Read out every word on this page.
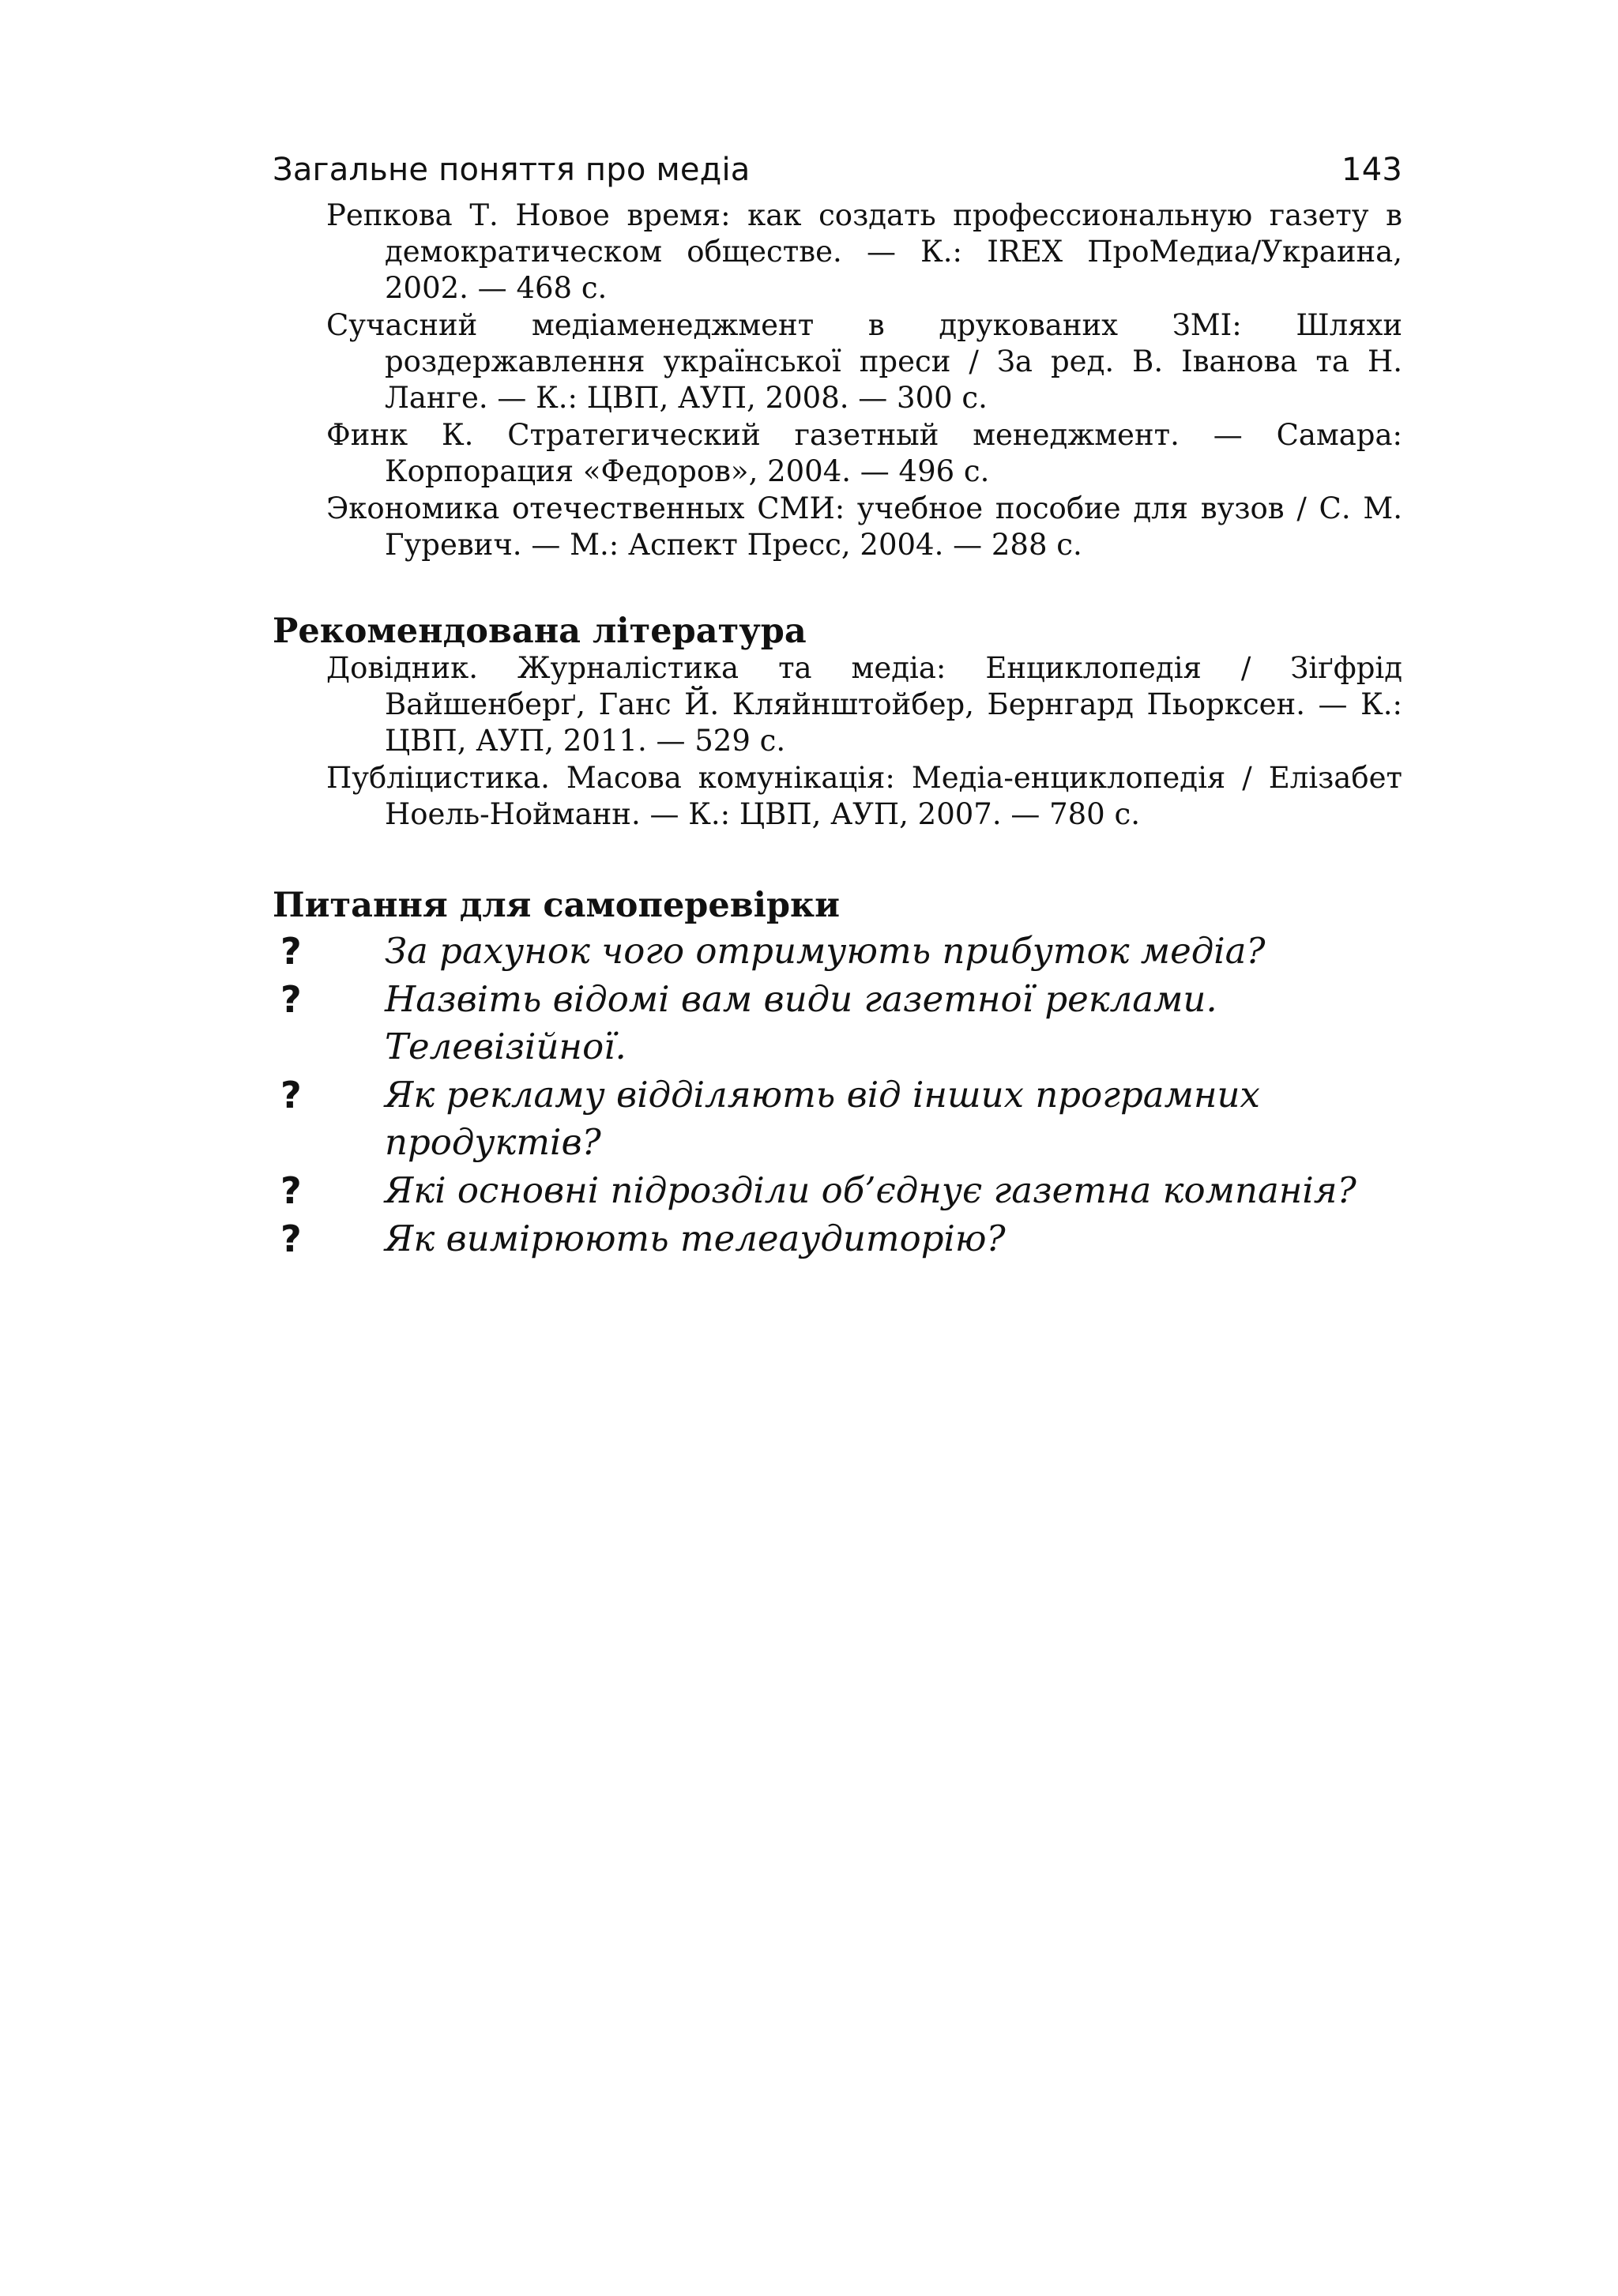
Загальне поняття про медіа	143
Репкова Т. Новое время: как создать профессиональную газету в демократическом обществе. — К.: IREX ПроМедиа/Украина, 2002. — 468 с.
Сучасний медіаменеджмент в друкованих ЗМІ: Шляхи роздержавлення української преси / За ред. В. Іванова та Н. Ланге. — К.: ЦВП, АУП, 2008. — 300 с.
Финк К. Стратегический газетный менеджмент. — Самара: Корпорация «Федоров», 2004. — 496 с.
Экономика отечественных СМИ: учебное пособие для вузов / С. М. Гуревич. — М.: Аспект Пресс, 2004. — 288 с.
Рекомендована література
Довідник. Журналістика та медіа: Енциклопедія / Зіґфрід Вайшенберґ, Ганс Й. Кляйнштойбер, Бернгард Пьорксен. — К.: ЦВП, АУП, 2011. — 529 с.
Публіцистика. Масова комунікація: Медіа-енциклопедія / Елізабет Ноель-Нойманн. — К.: ЦВП, АУП, 2007. — 780 с.
Питання для самоперевірки
?	За рахунок чого отримують прибуток медіа?
?	Назвіть відомі вам види газетної реклами. Телевізійної.
?	Як рекламу відділяють від інших програмних продуктів?
?	Які основні підрозділи об’єднує газетна компанія?
?	Як вимірюють телеаудиторію?
